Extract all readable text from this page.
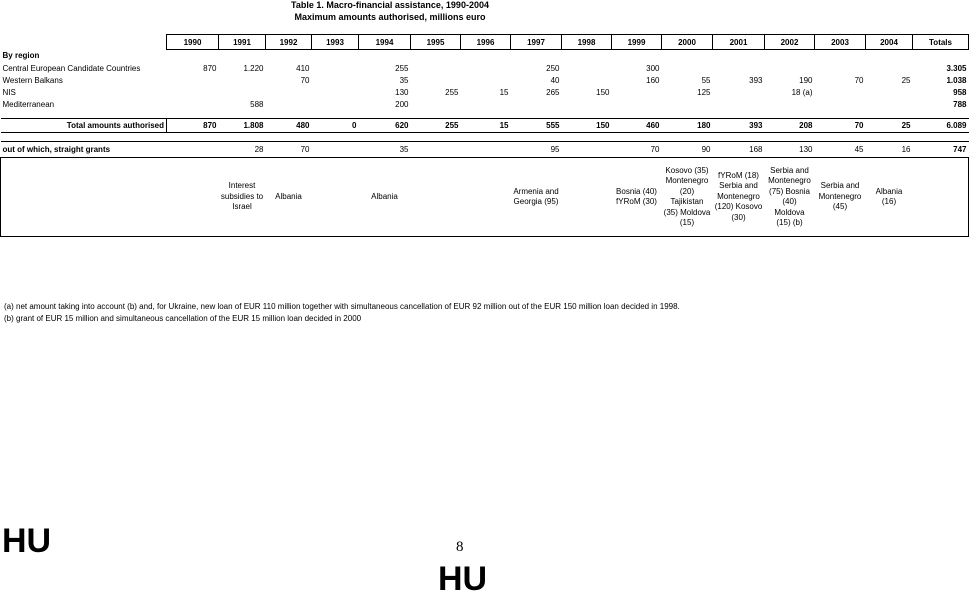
Table 1. Macro-financial assistance, 1990-2004
Maximum amounts authorised, millions euro
	1990	1991	1992	1993	1994	1995	1996	1997	1998	1999	2000	2001	2002	2003	2004	Totals
By region																
Central European Candidate Countries	870	1.220	410		255			250		300						3.305
Western Balkans			70		35			40		160	55	393	190	70	25	1.038
NIS					130	255	15	265	150		125		18 (a)			958
Mediterranean		588			200											788

Total amounts authorised	870	1.808	480	0	620	255	15	555	150	460	180	393	208	70	25	6.089

out of which, straight grants		28	70		35			95		70	90	168	130	45	16	747
		Interest subsidies to Israel	Albania		Albania			Armenia and Georgia (95)		Bosnia (40) fYRoM (30)	Kosovo (35) Montenegro (20) Tajikistan (35) Moldova (15)	fYRoM (18) Serbia and Montenegro (120) Kosovo (30)	Serbia and Montenegro (75) Bosnia (40) Moldova (15) (b)	Serbia and Montenegro (45)	Albania (16)	
(a) net amount taking into account (b) and, for Ukraine, new loan of EUR 110 million together with simultaneous cancellation of EUR 92 million out of the EUR 150 million loan decided in 1998.
(b) grant of EUR 15 million and simultaneous cancellation of the EUR 15 million loan decided in 2000
HU	8
HU
